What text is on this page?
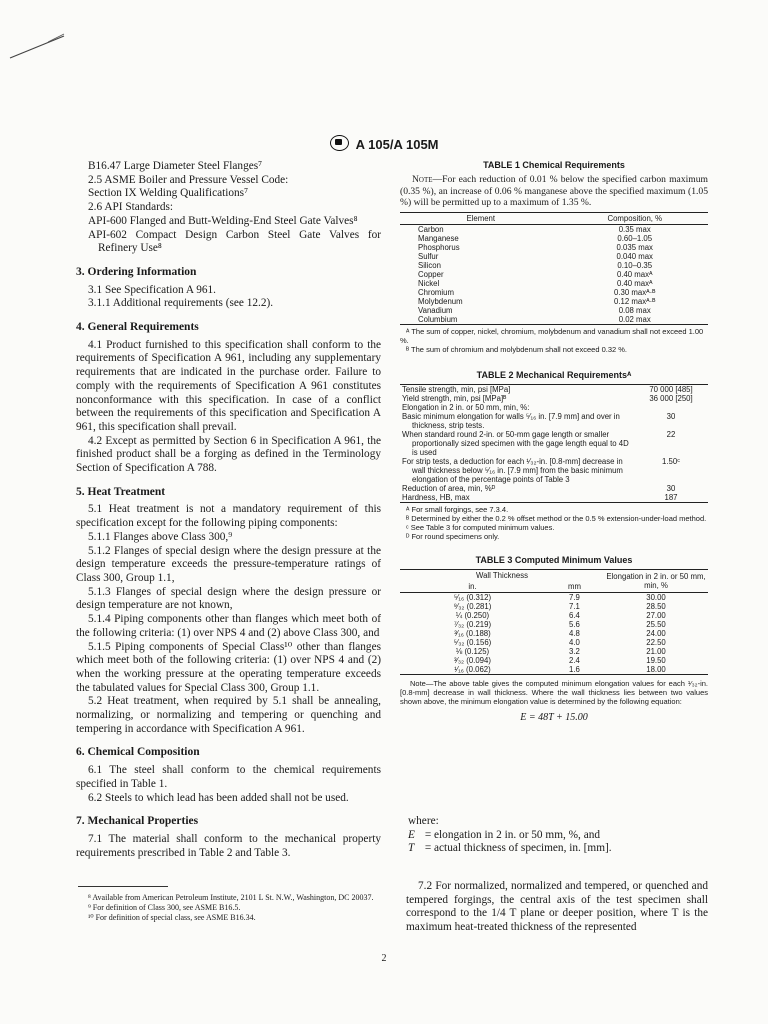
A 105/A 105M

B16.47 Large Diameter Steel Flanges⁷

2.5 ASME Boiler and Pressure Vessel Code:

Section IX Welding Qualifications⁷

2.6 API Standards:

API-600 Flanged and Butt-Welding-End Steel Gate Valves⁸

API-602 Compact Design Carbon Steel Gate Valves for Refinery Use⁸

3. Ordering Information

3.1 See Specification A 961.

3.1.1 Additional requirements (see 12.2).

4. General Requirements

4.1 Product furnished to this specification shall conform to the requirements of Specification A 961, including any supplementary requirements that are indicated in the purchase order. Failure to comply with the requirements of Specification A 961 constitutes nonconformance with this specification. In case of a conflict between the requirements of this specification and Specification A 961, this specification shall prevail.

4.2 Except as permitted by Section 6 in Specification A 961, the finished product shall be a forging as defined in the Terminology Section of Specification A 788.

5. Heat Treatment

5.1 Heat treatment is not a mandatory requirement of this specification except for the following piping components:

5.1.1 Flanges above Class 300,⁹

5.1.2 Flanges of special design where the design pressure at the design temperature exceeds the pressure-temperature ratings of Class 300, Group 1.1,

5.1.3 Flanges of special design where the design pressure or design temperature are not known,

5.1.4 Piping components other than flanges which meet both of the following criteria: (1) over NPS 4 and (2) above Class 300, and

5.1.5 Piping components of Special Class¹⁰ other than flanges which meet both of the following criteria: (1) over NPS 4 and (2) when the working pressure at the operating temperature exceeds the tabulated values for Special Class 300, Group 1.1.

5.2 Heat treatment, when required by 5.1 shall be annealing, normalizing, or normalizing and tempering or quenching and tempering in accordance with Specification A 961.

6. Chemical Composition

6.1 The steel shall conform to the chemical requirements specified in Table 1.

6.2 Steels to which lead has been added shall not be used.

7. Mechanical Properties

7.1 The material shall conform to the mechanical property requirements prescribed in Table 2 and Table 3.

TABLE 1 Chemical Requirements

Note—For each reduction of 0.01 % below the specified carbon maximum (0.35 %), an increase of 0.06 % manganese above the specified maximum (1.05 %) will be permitted up to a maximum of 1.35 %.

Element	Composition, %
Carbon	0.35 max
Manganese	0.60–1.05
Phosphorus	0.035 max
Sulfur	0.040 max
Silicon	0.10–0.35
Copper	0.40 maxᴬ
Nickel	0.40 maxᴬ
Chromium	0.30 maxᴬ·ᴮ
Molybdenum	0.12 maxᴬ·ᴮ
Vanadium	0.08 max
Columbium	0.02 max

ᴬ The sum of copper, nickel, chromium, molybdenum and vanadium shall not exceed 1.00 %.

ᴮ The sum of chromium and molybdenum shall not exceed 0.32 %.

TABLE 2 Mechanical Requirementsᴬ

Tensile strength, min, psi [MPa]	70 000 [485]
Yield strength, min, psi [MPa]ᴮ	36 000 [250]
Elongation in 2 in. or 50 mm, min, %:	
Basic minimum elongation for walls ⁵⁄₁₆ in. [7.9 mm] and over in thickness, strip tests.	30
When standard round 2-in. or 50-mm gage length or smaller proportionally sized specimen with the gage length equal to 4D is used	22
For strip tests, a deduction for each ¹⁄₃₂-in. [0.8-mm] decrease in wall thickness below ⁵⁄₁₆ in. [7.9 mm] from the basic minimum elongation of the percentage points of Table 3	1.50ᶜ
Reduction of area, min, %ᴰ	30
Hardness, HB, max	187

ᴬ For small forgings, see 7.3.4.

ᴮ Determined by either the 0.2 % offset method or the 0.5 % extension-under-load method.

ᶜ See Table 3 for computed minimum values.

ᴰ For round specimens only.

TABLE 3 Computed Minimum Values

Wall Thickness		Elongation in 2 in. or 50 mm, min, %
in.	mm	
⁵⁄₁₆ (0.312)	7.9	30.00
⁹⁄₃₂ (0.281)	7.1	28.50
¼ (0.250)	6.4	27.00
⁷⁄₃₂ (0.219)	5.6	25.50
³⁄₁₆ (0.188)	4.8	24.00
⁵⁄₃₂ (0.156)	4.0	22.50
⅛ (0.125)	3.2	21.00
³⁄₃₂ (0.094)	2.4	19.50
¹⁄₁₆ (0.062)	1.6	18.00

Note—The above table gives the computed minimum elongation values for each ¹⁄₃₂-in. [0.8-mm] decrease in wall thickness. Where the wall thickness lies between two values shown above, the minimum elongation value is determined by the following equation:

E = 48T + 15.00

where:

E = elongation in 2 in. or 50 mm, %, and

T = actual thickness of specimen, in. [mm].

7.2 For normalized, normalized and tempered, or quenched and tempered forgings, the central axis of the test specimen shall correspond to the 1/4 T plane or deeper position, where T is the maximum heat-treated thickness of the represented

⁸ Available from American Petroleum Institute, 2101 L St. N.W., Washington, DC 20037.

⁹ For definition of Class 300, see ASME B16.5.

¹⁰ For definition of special class, see ASME B16.34.

2
